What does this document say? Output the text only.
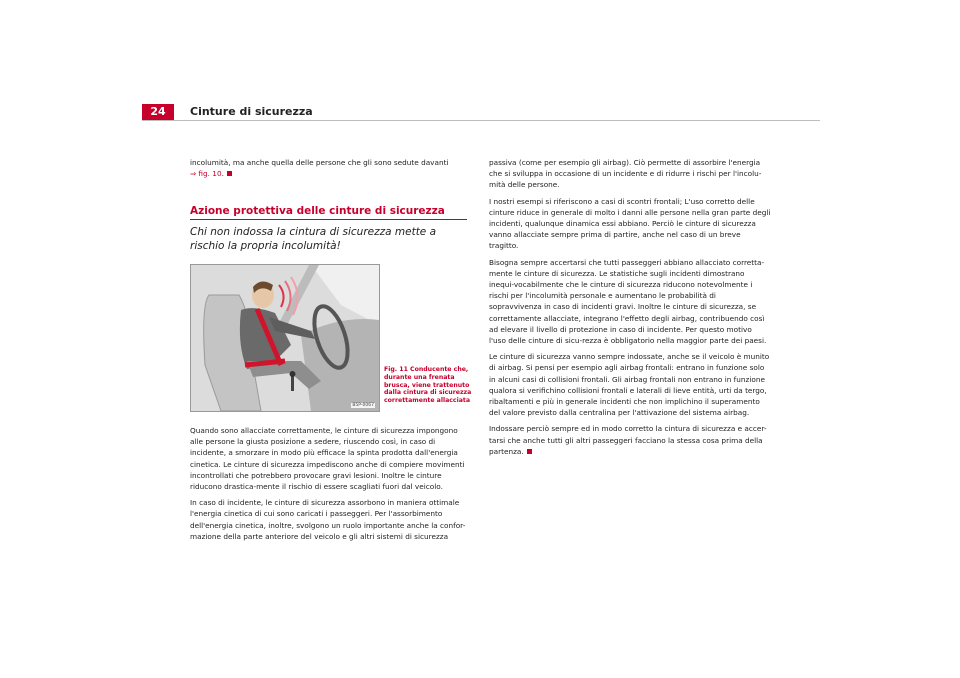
24	Cinture di sicurezza
incolumità, ma anche quella delle persone che gli sono sedute davanti
⇒ fig. 10.
Azione protettiva delle cinture di sicurezza
Chi non indossa la cintura di sicurezza mette a rischio la propria incolumità!
B5P-0067
Fig. 11 Conducente che, durante una frenata brusca, viene trattenuto dalla cintura di sicurezza correttamente allacciata

Quando sono allacciate correttamente, le cinture di sicurezza impongono alle persone la giusta posizione a sedere, riuscendo così, in caso di incidente, a smorzare in modo più efficace la spinta prodotta dall'energia cinetica. Le cinture di sicurezza impediscono anche di compiere movimenti incontrollati che potrebbero provocare gravi lesioni. Inoltre le cinture riducono drastica-mente il rischio di essere scagliati fuori dal veicolo.

In caso di incidente, le cinture di sicurezza assorbono in maniera ottimale l'energia cinetica di cui sono caricati i passeggeri. Per l'assorbimento dell'energia cinetica, inoltre, svolgono un ruolo importante anche la confor-mazione della parte anteriore del veicolo e gli altri sistemi di sicurezza

passiva (come per esempio gli airbag). Ciò permette di assorbire l'energia che si sviluppa in occasione di un incidente e di ridurre i rischi per l'incolu-mità delle persone.

I nostri esempi si riferiscono a casi di scontri frontali; L'uso corretto delle cinture riduce in generale di molto i danni alle persone nella gran parte degli incidenti, qualunque dinamica essi abbiano. Perciò le cinture di sicurezza vanno allacciate sempre prima di partire, anche nel caso di un breve tragitto.

Bisogna sempre accertarsi che tutti passeggeri abbiano allacciato corretta-mente le cinture di sicurezza. Le statistiche sugli incidenti dimostrano inequi-vocabilmente che le cinture di sicurezza riducono notevolmente i rischi per l'incolumità personale e aumentano le probabilità di sopravvivenza in caso di incidenti gravi. Inoltre le cinture di sicurezza, se correttamente allacciate, integrano l'effetto degli airbag, contribuendo così ad elevare il livello di protezione in caso di incidente. Per questo motivo l'uso delle cinture di sicu-rezza è obbligatorio nella maggior parte dei paesi.

Le cinture di sicurezza vanno sempre indossate, anche se il veicolo è munito di airbag. Si pensi per esempio agli airbag frontali: entrano in funzione solo in alcuni casi di collisioni frontali. Gli airbag frontali non entrano in funzione qualora si verifichino collisioni frontali e laterali di lieve entità, urti da tergo, ribaltamenti e più in generale incidenti che non implichino il superamento del valore previsto dalla centralina per l'attivazione del sistema airbag.

Indossare perciò sempre ed in modo corretto la cintura di sicurezza e accer-tarsi che anche tutti gli altri passeggeri facciano la stessa cosa prima della partenza.
